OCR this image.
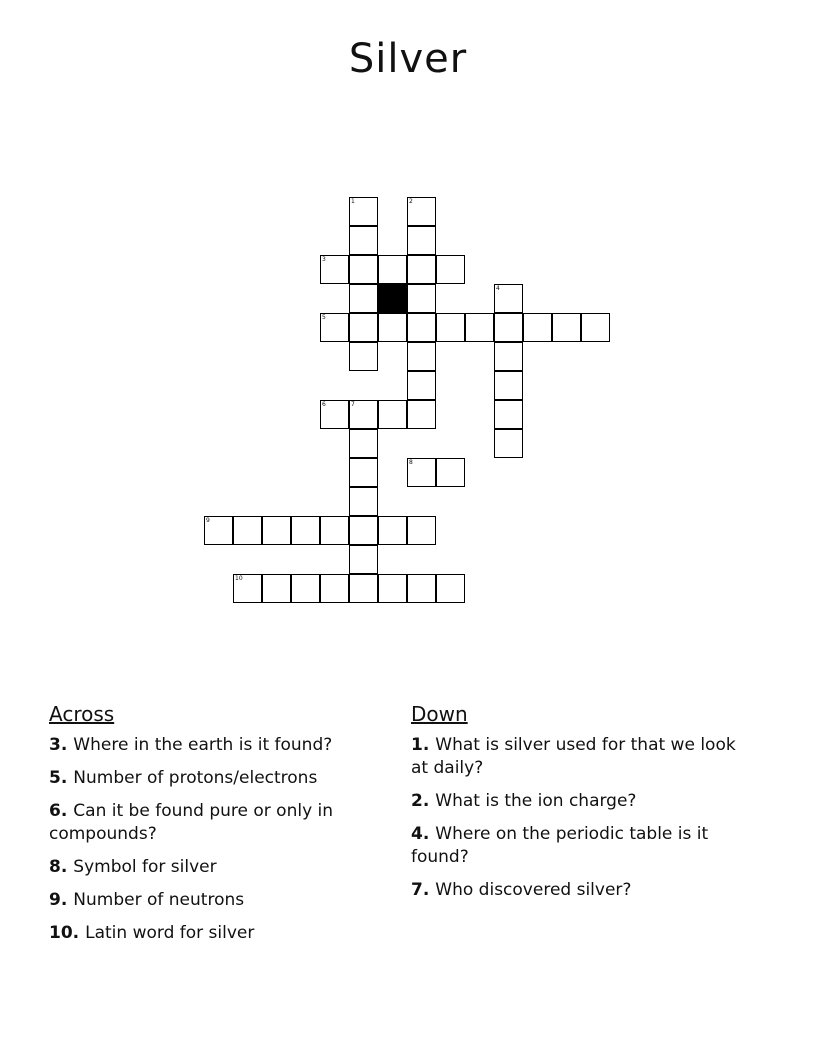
Silver
1	2
3
4
5
6	7
8
9
10
Across
3. Where in the earth is it found?
5. Number of protons/electrons
6. Can it be found pure or only in compounds?
8. Symbol for silver
9. Number of neutrons
10. Latin word for silver
Down
1. What is silver used for that we look at daily?
2. What is the ion charge?
4. Where on the periodic table is it found?
7. Who discovered silver?
